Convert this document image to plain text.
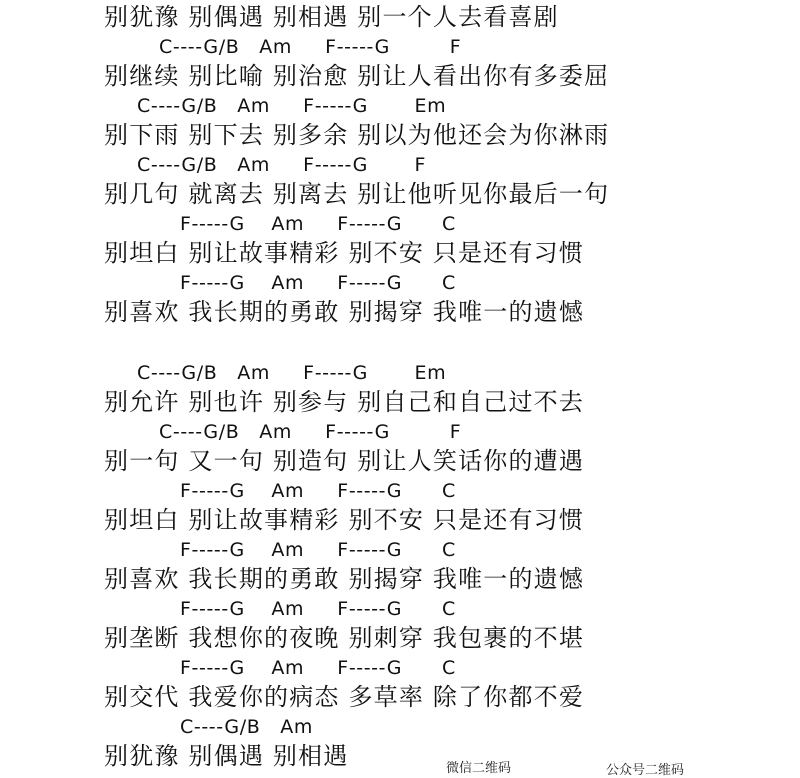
别犹豫 别偶遇 别相遇 别一个人去看喜剧
C----G/B   Am     F-----G         F
别继续 别比喻 别治愈 别让人看出你有多委屈
C----G/B   Am     F-----G       Em
别下雨 别下去 别多余 别以为他还会为你淋雨
C----G/B   Am     F-----G       F
别几句 就离去 别离去 别让他听见你最后一句
F-----G    Am     F-----G      C
别坦白 别让故事精彩 别不安 只是还有习惯
F-----G    Am     F-----G      C
别喜欢 我长期的勇敢 别揭穿 我唯一的遗憾
C----G/B   Am     F-----G       Em
别允许 别也许 别参与 别自己和自己过不去
C----G/B   Am     F-----G         F
别一句 又一句 别造句 别让人笑话你的遭遇
F-----G    Am     F-----G      C
别坦白 别让故事精彩 别不安 只是还有习惯
F-----G    Am     F-----G      C
别喜欢 我长期的勇敢 别揭穿 我唯一的遗憾
F-----G    Am     F-----G      C
别垄断 我想你的夜晚 别刺穿 我包裹的不堪
F-----G    Am     F-----G      C
别交代 我爱你的病态 多草率 除了你都不爱
C----G/B   Am
别犹豫 别偶遇 别相遇	微信二维码	公众号二维码
